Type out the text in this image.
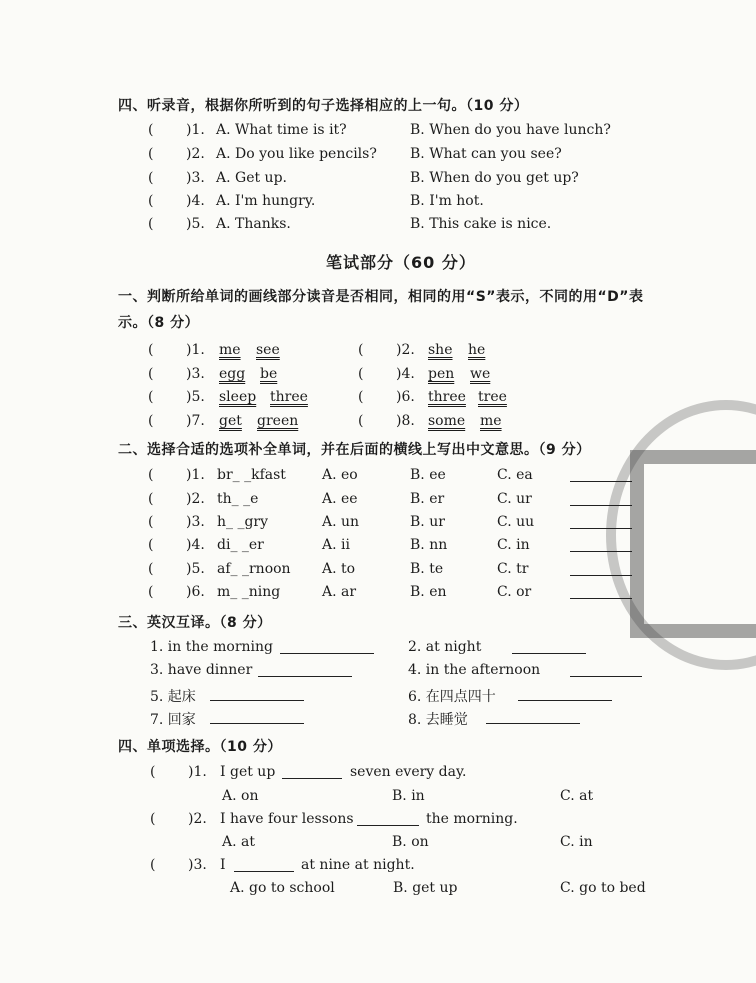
四、听录音，根据你所听到的句子选择相应的上一句。（10 分）
( )1. A. What time is it?	B. When do you have lunch?
( )2. A. Do you like pencils? B. What can you see?
( )3. A. Get up.	B. When do you get up?
( )4. A. I'm hungry.	B. I'm hot.
( )5. A. Thanks.	B. This cake is nice.
笔试部分（60 分）
一、判断所给单词的画线部分读音是否相同，相同的用“S”表示，不同的用“D”表
示。（8 分）
( )1. me see	( )2. she he
( )3. egg be	( )4. pen we
( )5. sleep three	( )6. three tree
( )7. get green	( )8. some me
二、选择合适的选项补全单词，并在后面的横线上写出中文意思。（9 分）
( )1. br_ _kfast	A. eo	B. ee	C. ea
( )2. th_ _e	A. ee	B. er	C. ur
( )3. h_ _gry	A. un	B. ur	C. uu
( )4. di_ _er	A. ii	B. nn	C. in
( )5. af_ _rnoon A. to	B. te	C. tr
( )6. m_ _ning	A. ar	B. en	C. or
三、英汉互译。（8 分）
1. in the morning	2. at night
3. have dinner	4. in the afternoon
5. 起床	6. 在四点四十
7. 回家	8. 去睡觉
四、单项选择。（10 分）
( )1. I get up	seven every day.
A. on	B. in	C. at
( )2. I have four lessons	the morning.
A. at	B. on	C. in
( )3. I	at nine at night.
A. go to school	B. get up	C. go to bed
